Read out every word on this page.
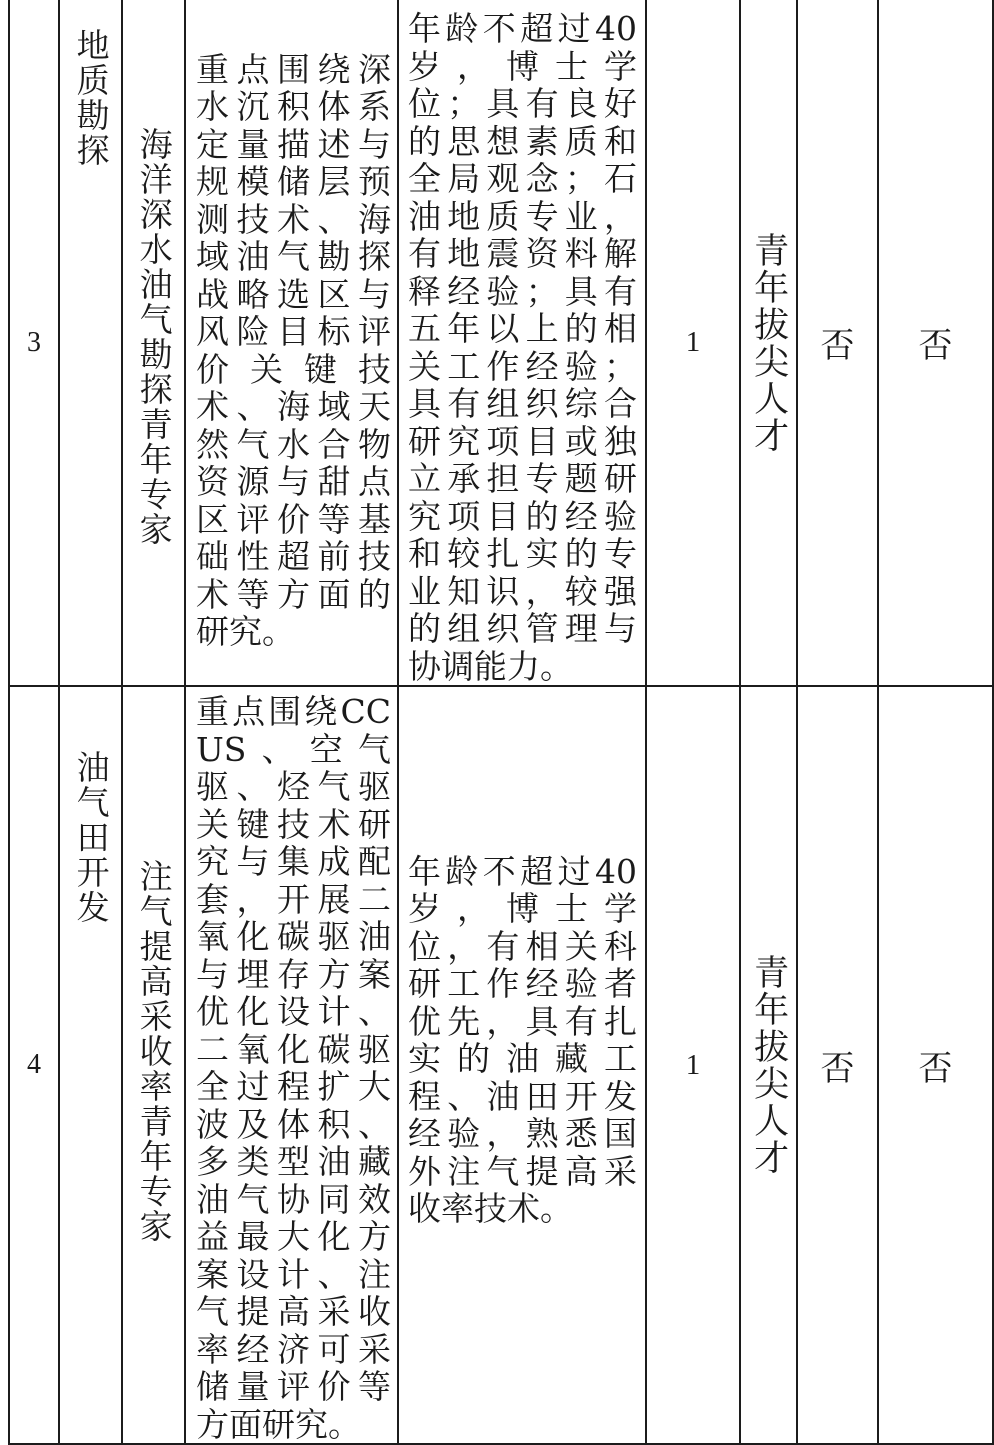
3	地质勘探	海洋深水油气勘探青年专家	重点围绕深水沉积体系定量描述与规模储层预测技术、海域油气勘探战略选区与风险目标评价关键技术、海域天然气水合物资源与甜点区评价等基础性超前技术等方面的研究。	年龄不超过40岁，博士学位；具有良好的思想素质和全局观念；石油地质专业，有地震资料解释经验；具有五年以上的相关工作经验；具有组织综合研究项目或独立承担专题研究项目的经验和较扎实的专业知识，较强的组织管理与协调能力。	1	青年拔尖人才	否	否
4	油气田开发	注气提高采收率青年专家	重点围绕CCUS、空气驱、烃气驱关键技术研究与集成配套，开展二氧化碳驱油与埋存方案优化设计、二氧化碳驱全过程扩大波及体积、多类型油藏油气协同效益最大化方案设计、注气提高采收率经济可采储量评价等方面研究。	年龄不超过40岁，博士学位，有相关科研工作经验者优先，具有扎实的油藏工程、油田开发经验，熟悉国外注气提高采收率技术。	1	青年拔尖人才	否	否
